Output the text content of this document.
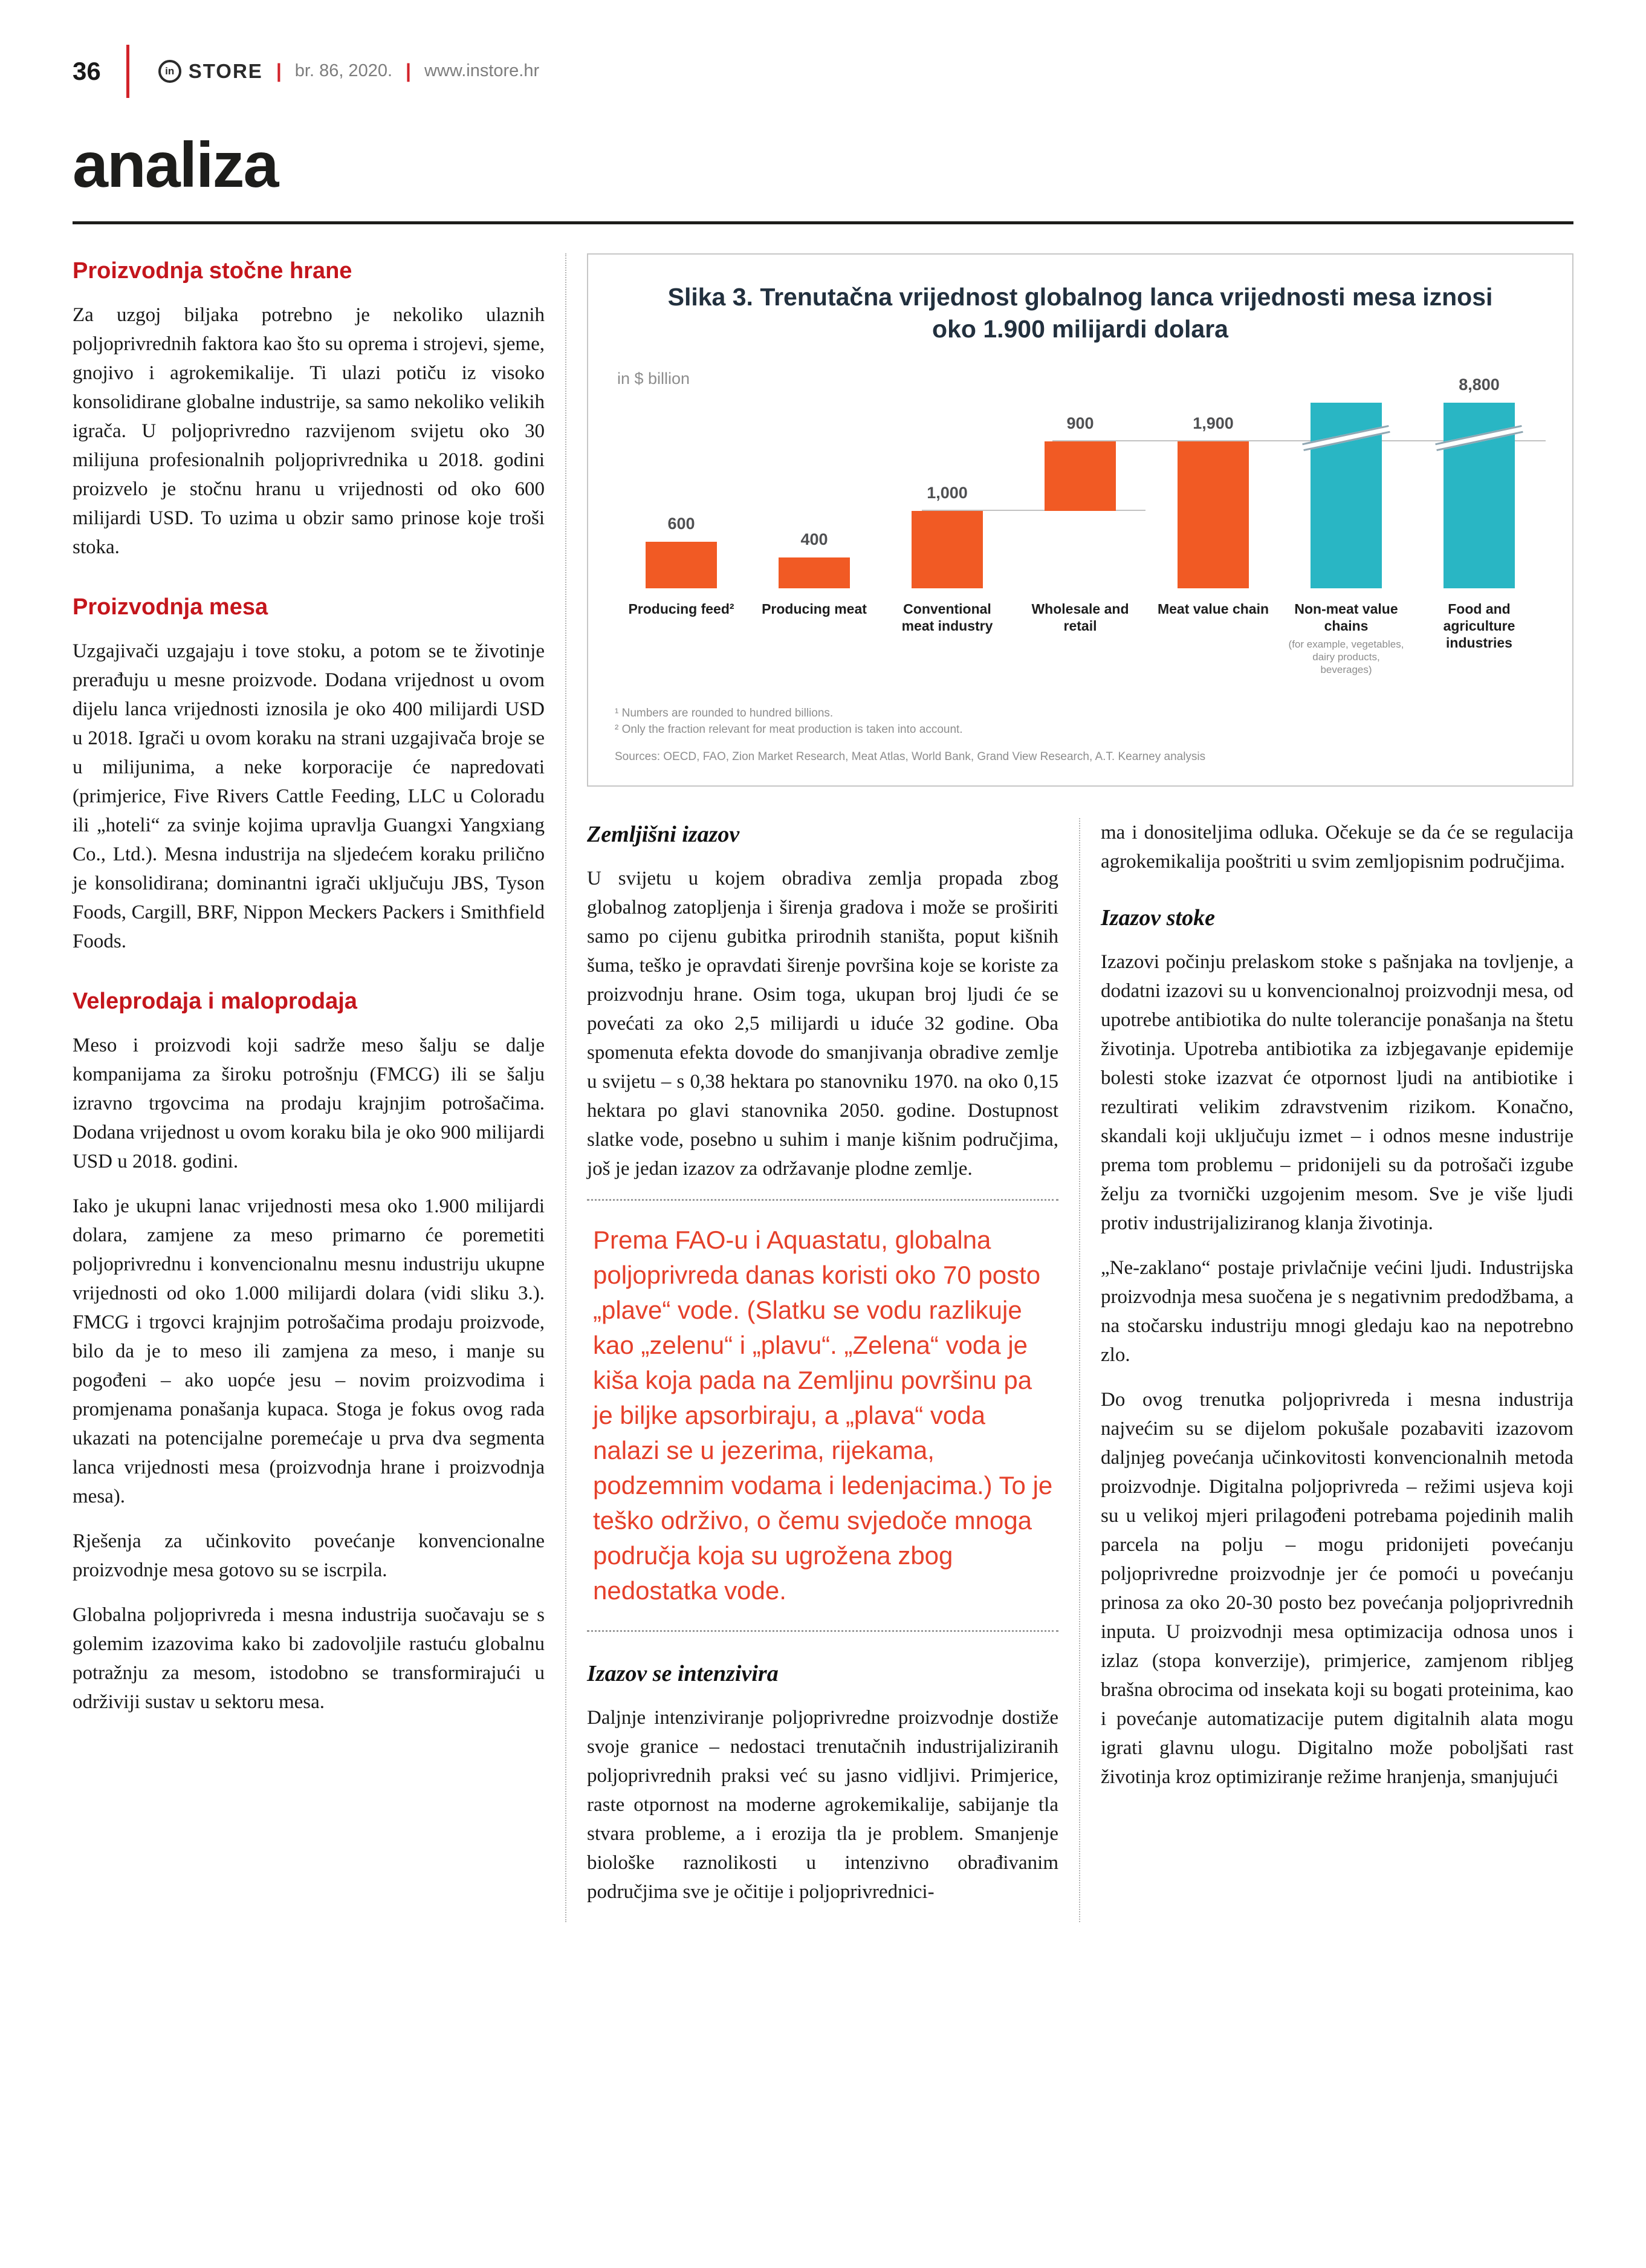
36	in STORE | br. 86, 2020. | www.instore.hr
analiza
Proizvodnja stočne hrane

Za uzgoj biljaka potrebno je nekoliko ulaznih poljoprivrednih faktora kao što su oprema i strojevi, sjeme, gnojivo i agrokemikalije. Ti ulazi potiču iz visoko konsolidirane globalne industrije, sa samo nekoliko velikih igrača. U poljoprivredno razvijenom svijetu oko 30 milijuna profesionalnih poljoprivrednika u 2018. godini proizvelo je stočnu hranu u vrijednosti od oko 600 milijardi USD. To uzima u obzir samo prinose koje troši stoka.

Proizvodnja mesa

Uzgajivači uzgajaju i tove stoku, a potom se te životinje prerađuju u mesne proizvode. Dodana vrijednost u ovom dijelu lanca vrijednosti iznosila je oko 400 milijardi USD u 2018. Igrači u ovom koraku na strani uzgajivača broje se u milijunima, a neke korporacije će napredovati (primjerice, Five Rivers Cattle Feeding, LLC u Coloradu ili „hoteli“ za svinje kojima upravlja Guangxi Yangxiang Co., Ltd.). Mesna industrija na sljedećem koraku prilično je konsolidirana; dominantni igrači uključuju JBS, Tyson Foods, Cargill, BRF, Nippon Meckers Packers i Smithfield Foods.

Veleprodaja i maloprodaja

Meso i proizvodi koji sadrže meso šalju se dalje kompanijama za široku potrošnju (FMCG) ili se šalju izravno trgovcima na prodaju krajnjim potrošačima. Dodana vrijednost u ovom koraku bila je oko 900 milijardi USD u 2018. godini.

Iako je ukupni lanac vrijednosti mesa oko 1.900 milijardi dolara, zamjene za meso primarno će poremetiti poljoprivrednu i konvencionalnu mesnu industriju ukupne vrijednosti od oko 1.000 milijardi dolara (vidi sliku 3.). FMCG i trgovci krajnjim potrošačima prodaju proizvode, bilo da je to meso ili zamjena za meso, i manje su pogođeni – ako uopće jesu – novim proizvodima i promjenama ponašanja kupaca. Stoga je fokus ovog rada ukazati na potencijalne poremećaje u prva dva segmenta lanca vrijednosti mesa (proizvodnja hrane i proizvodnja mesa).

Rješenja za učinkovito povećanje konvencionalne proizvodnje mesa gotovo su se iscrpila.

Globalna poljoprivreda i mesna industrija suočavaju se s golemim izazovima kako bi zadovoljile rastuću globalnu potražnju za mesom, istodobno se transformirajući u održiviji sustav u sektoru mesa.

Slika 3. Trenutačna vrijednost globalnog lanca vrijednosti mesa iznosi oko 1.900 milijardi dolara
in $ billion
600
400
1,000
900	1,900
8,800
Producing feed²	Producing meat	Conventional meat industry
Wholesale and retail
Meat value chain	Non-meat value chains
(for example, vegetables, dairy products, beverages)
Food and agriculture industries
¹ Numbers are rounded to hundred billions.
² Only the fraction relevant for meat production is taken into account.
Sources: OECD, FAO, Zion Market Research, Meat Atlas, World Bank, Grand View Research, A.T. Kearney analysis
Zemljišni izazov

U svijetu u kojem obradiva zemlja propada zbog globalnog zatopljenja i širenja gradova i može se proširiti samo po cijenu gubitka prirodnih staništa, poput kišnih šuma, teško je opravdati širenje površina koje se koriste za proizvodnju hrane. Osim toga, ukupan broj ljudi će se povećati za oko 2,5 milijardi u iduće 32 godine. Oba spomenuta efekta dovode do smanjivanja obradive zemlje u svijetu – s 0,38 hektara po stanovniku 1970. na oko 0,15 hektara po glavi stanovnika 2050. godine. Dostupnost slatke vode, posebno u suhim i manje kišnim područjima, još je jedan izazov za održavanje plodne zemlje.

Prema FAO-u i Aquastatu, globalna poljoprivreda danas koristi oko 70 posto „plave“ vode. (Slatku se vodu razlikuje kao „zelenu“ i „plavu“. „Zelena“ voda je kiša koja pada na Zemljinu površinu pa je biljke apsorbiraju, a „plava“ voda nalazi se u jezerima, rijekama, podzemnim vodama i ledenjacima.) To je teško održivo, o čemu svjedoče mnoga područja koja su ugrožena zbog nedostatka vode.
Izazov se intenzivira

Daljnje intenziviranje poljoprivredne proizvodnje dostiže svoje granice – nedostaci trenutačnih industrijaliziranih poljoprivrednih praksi već su jasno vidljivi. Primjerice, raste otpornost na moderne agrokemikalije, sabijanje tla stvara probleme, a i erozija tla je problem. Smanjenje biološke raznolikosti u intenzivno obrađivanim područjima sve je očitije i poljoprivrednici-

ma i donositeljima odluka. Očekuje se da će se regulacija agrokemikalija pooštriti u svim zemljopisnim područjima.

Izazov stoke

Izazovi počinju prelaskom stoke s pašnjaka na tovljenje, a dodatni izazovi su u konvencionalnoj proizvodnji mesa, od upotrebe antibiotika do nulte tolerancije ponašanja na štetu životinja. Upotreba antibiotika za izbjegavanje epidemije bolesti stoke izazvat će otpornost ljudi na antibiotike i rezultirati velikim zdravstvenim rizikom. Konačno, skandali koji uključuju izmet – i odnos mesne industrije prema tom problemu – pridonijeli su da potrošači izgube želju za tvornički uzgojenim mesom. Sve je više ljudi protiv industrijaliziranog klanja životinja.

„Ne-zaklano“ postaje privlačnije većini ljudi. Industrijska proizvodnja mesa suočena je s negativnim predodžbama, a na stočarsku industriju mnogi gledaju kao na nepotrebno zlo.

Do ovog trenutka poljoprivreda i mesna industrija najvećim su se dijelom pokušale pozabaviti izazovom daljnjeg povećanja učinkovitosti konvencionalnih metoda proizvodnje. Digitalna poljoprivreda – režimi usjeva koji su u velikoj mjeri prilagođeni potrebama pojedinih malih parcela na polju – mogu pridonijeti povećanju poljoprivredne proizvodnje jer će pomoći u povećanju prinosa za oko 20-30 posto bez povećanja poljoprivrednih inputa. U proizvodnji mesa optimizacija odnosa unos i izlaz (stopa konverzije), primjerice, zamjenom ribljeg brašna obrocima od insekata koji su bogati proteinima, kao i povećanje automatizacije putem digitalnih alata mogu igrati glavnu ulogu. Digitalno može poboljšati rast životinja kroz optimiziranje režime hranjenja, smanjujući
